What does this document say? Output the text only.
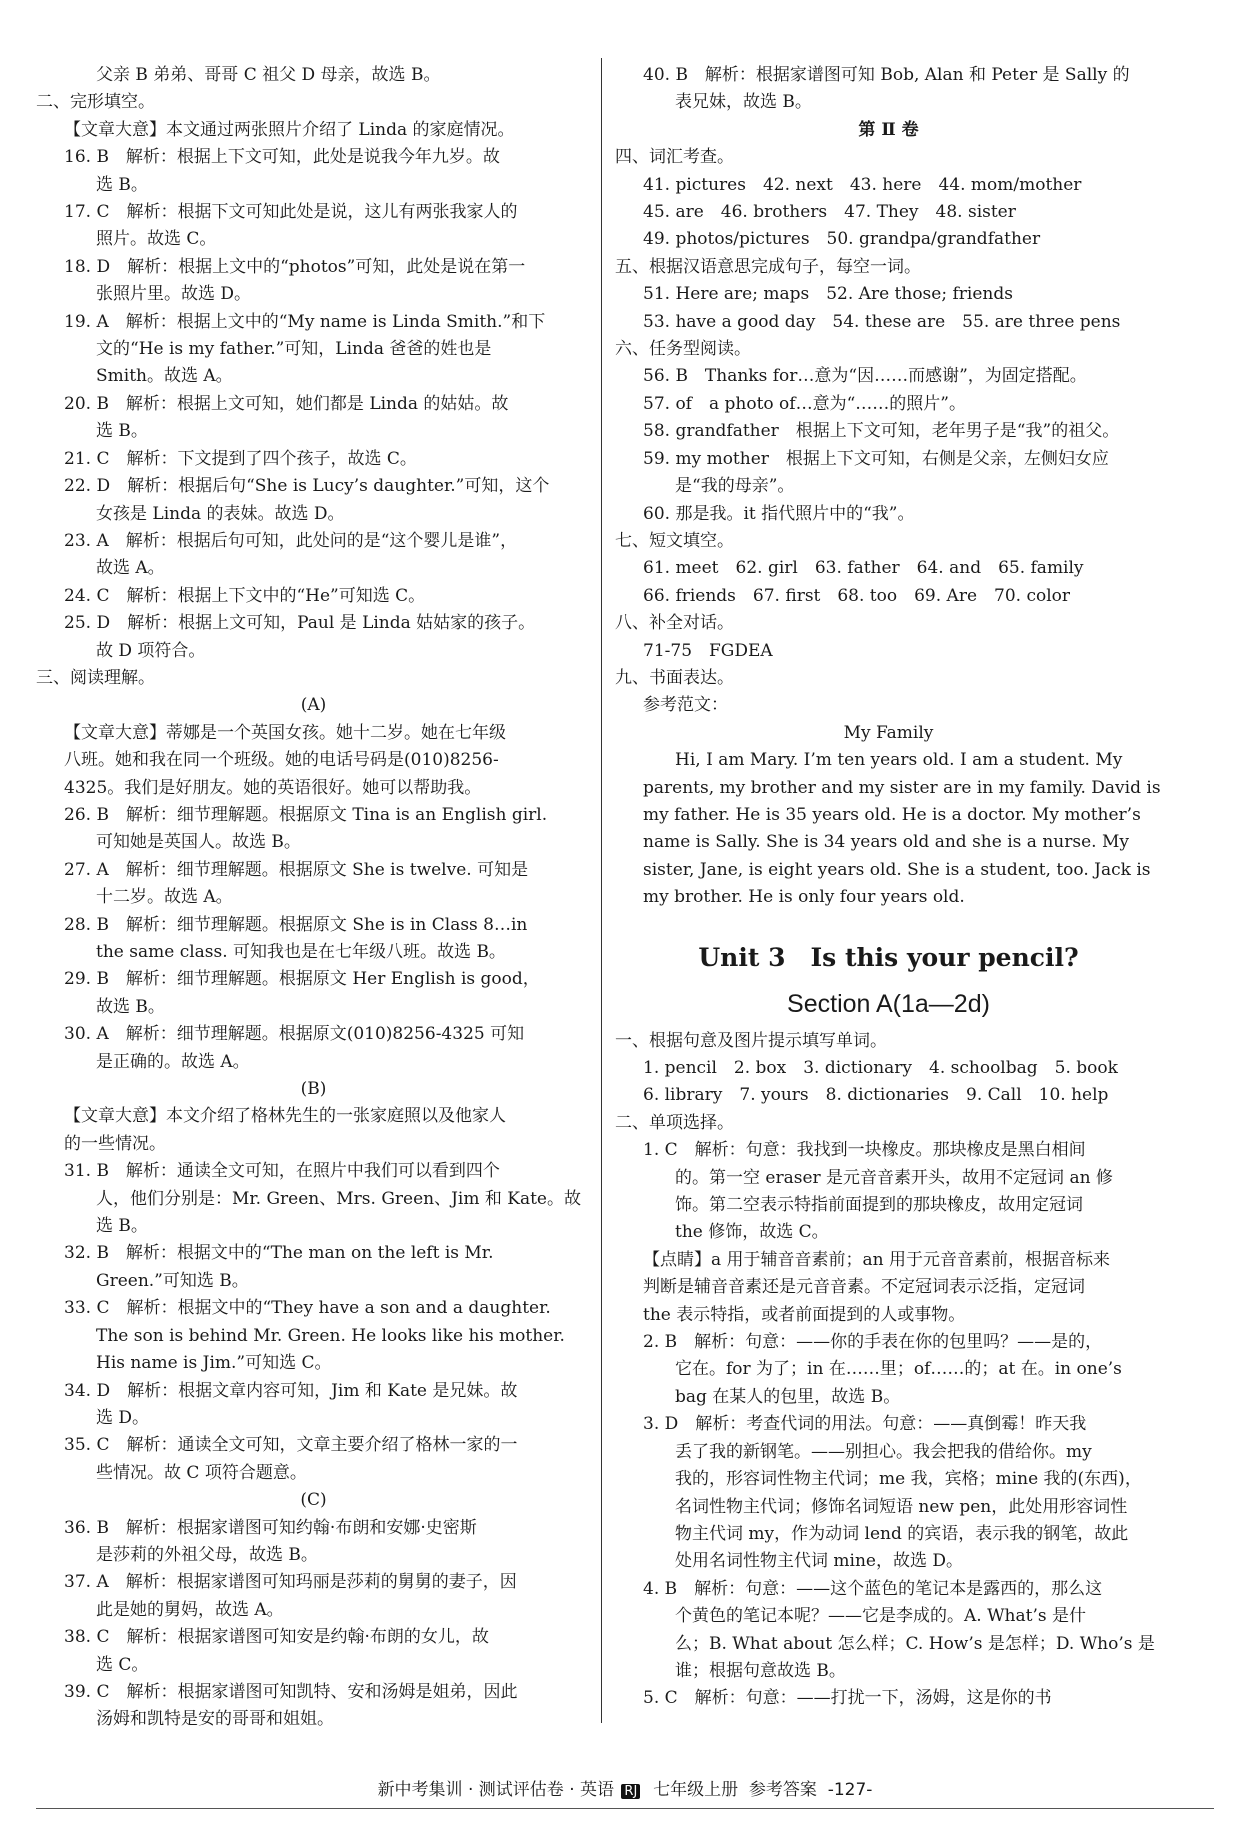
父亲 B 弟弟、哥哥 C 祖父 D 母亲，故选 B。
二、完形填空。
【文章大意】本文通过两张照片介绍了 Linda 的家庭情况。
16. B　解析：根据上下文可知，此处是说我今年九岁。故
选 B。
17. C　解析：根据下文可知此处是说，这儿有两张我家人的
照片。故选 C。
18. D　解析：根据上文中的“photos”可知，此处是说在第一
张照片里。故选 D。
19. A　解析：根据上文中的“My name is Linda Smith.”和下
文的“He is my father.”可知，Linda 爸爸的姓也是
Smith。故选 A。
20. B　解析：根据上文可知，她们都是 Linda 的姑姑。故
选 B。
21. C　解析：下文提到了四个孩子，故选 C。
22. D　解析：根据后句“She is Lucy’s daughter.”可知，这个
女孩是 Linda 的表妹。故选 D。
23. A　解析：根据后句可知，此处问的是“这个婴儿是谁”，
故选 A。
24. C　解析：根据上下文中的“He”可知选 C。
25. D　解析：根据上文可知，Paul 是 Linda 姑姑家的孩子。
故 D 项符合。
三、阅读理解。
(A)
【文章大意】蒂娜是一个英国女孩。她十二岁。她在七年级
八班。她和我在同一个班级。她的电话号码是(010)8256-
4325。我们是好朋友。她的英语很好。她可以帮助我。
26. B　解析：细节理解题。根据原文 Tina is an English girl.
可知她是英国人。故选 B。
27. A　解析：细节理解题。根据原文 She is twelve. 可知是
十二岁。故选 A。
28. B　解析：细节理解题。根据原文 She is in Class 8…in
the same class. 可知我也是在七年级八班。故选 B。
29. B　解析：细节理解题。根据原文 Her English is good，
故选 B。
30. A　解析：细节理解题。根据原文(010)8256-4325 可知
是正确的。故选 A。
(B)
【文章大意】本文介绍了格林先生的一张家庭照以及他家人
的一些情况。
31. B　解析：通读全文可知，在照片中我们可以看到四个
人，他们分别是：Mr. Green、Mrs. Green、Jim 和 Kate。故
选 B。
32. B　解析：根据文中的“The man on the left is Mr.
Green.”可知选 B。
33. C　解析：根据文中的“They have a son and a daughter.
The son is behind Mr. Green. He looks like his mother.
His name is Jim.”可知选 C。
34. D　解析：根据文章内容可知，Jim 和 Kate 是兄妹。故
选 D。
35. C　解析：通读全文可知，文章主要介绍了格林一家的一
些情况。故 C 项符合题意。
(C)
36. B　解析：根据家谱图可知约翰·布朗和安娜·史密斯
是莎莉的外祖父母，故选 B。
37. A　解析：根据家谱图可知玛丽是莎莉的舅舅的妻子，因
此是她的舅妈，故选 A。
38. C　解析：根据家谱图可知安是约翰·布朗的女儿，故
选 C。
39. C　解析：根据家谱图可知凯特、安和汤姆是姐弟，因此
汤姆和凯特是安的哥哥和姐姐。
40. B　解析：根据家谱图可知 Bob, Alan 和 Peter 是 Sally 的
表兄妹，故选 B。
第 Ⅱ 卷
四、词汇考查。
41. pictures　42. next　43. here　44. mom/mother
45. are　46. brothers　47. They　48. sister
49. photos/pictures　50. grandpa/grandfather
五、根据汉语意思完成句子，每空一词。
51. Here are; maps　52. Are those; friends
53. have a good day　54. these are　55. are three pens
六、任务型阅读。
56. B　Thanks for…意为“因……而感谢”，为固定搭配。
57. of　a photo of…意为“……的照片”。
58. grandfather　根据上下文可知，老年男子是“我”的祖父。
59. my mother　根据上下文可知，右侧是父亲，左侧妇女应
是“我的母亲”。
60. 那是我。it 指代照片中的“我”。
七、短文填空。
61. meet　62. girl　63. father　64. and　65. family
66. friends　67. first　68. too　69. Are　70. color
八、补全对话。
71-75　FGDEA
九、书面表达。
参考范文：
My Family
Hi, I am Mary. I’m ten years old. I am a student. My
parents, my brother and my sister are in my family. David is
my father. He is 35 years old. He is a doctor. My mother’s
name is Sally. She is 34 years old and she is a nurse. My
sister, Jane, is eight years old. She is a student, too. Jack is
my brother. He is only four years old.
Unit 3　Is this your pencil?
Section A(1a—2d)
一、根据句意及图片提示填写单词。
1. pencil　2. box　3. dictionary　4. schoolbag　5. book
6. library　7. yours　8. dictionaries　9. Call　10. help
二、单项选择。
1. C　解析：句意：我找到一块橡皮。那块橡皮是黑白相间
的。第一空 eraser 是元音音素开头，故用不定冠词 an 修
饰。第二空表示特指前面提到的那块橡皮，故用定冠词
the 修饰，故选 C。
【点睛】a 用于辅音音素前；an 用于元音音素前，根据音标来
判断是辅音音素还是元音音素。不定冠词表示泛指，定冠词
the 表示特指，或者前面提到的人或事物。
2. B　解析：句意：——你的手表在你的包里吗？——是的，
它在。for 为了；in 在……里；of……的；at 在。in one’s
bag 在某人的包里，故选 B。
3. D　解析：考查代词的用法。句意：——真倒霉！昨天我
丢了我的新钢笔。——别担心。我会把我的借给你。my
我的，形容词性物主代词；me 我，宾格；mine 我的(东西)，
名词性物主代词；修饰名词短语 new pen，此处用形容词性
物主代词 my，作为动词 lend 的宾语，表示我的钢笔，故此
处用名词性物主代词 mine，故选 D。
4. B　解析：句意：——这个蓝色的笔记本是露西的，那么这
个黄色的笔记本呢？——它是李成的。A. What’s 是什
么；B. What about 怎么样；C. How’s 是怎样；D. Who’s 是
谁；根据句意故选 B。
5. C　解析：句意：——打扰一下，汤姆，这是你的书
新中考集训 · 测试评估卷 · 英语 RJ 七年级上册 参考答案 -127-
